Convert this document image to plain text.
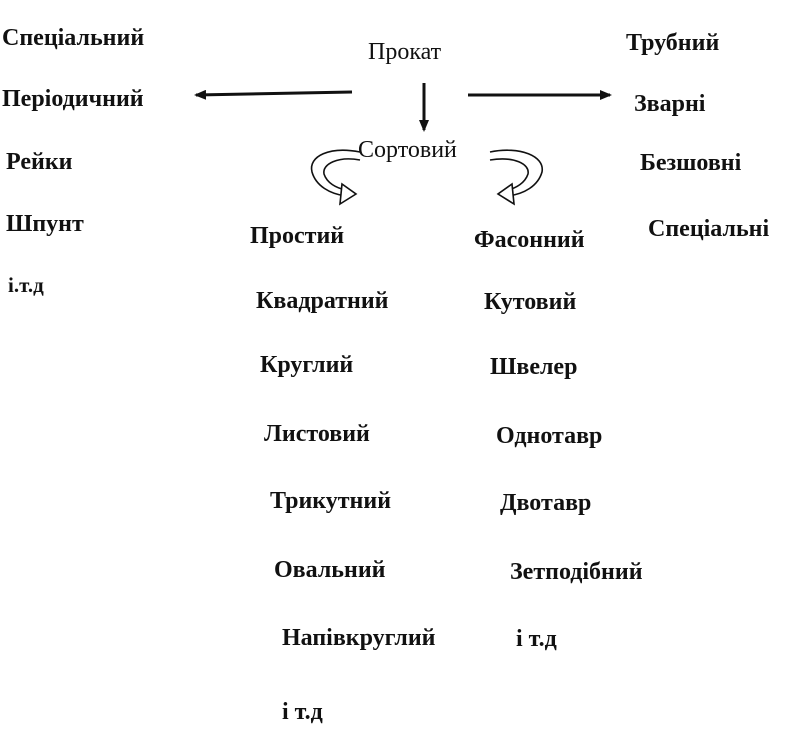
Прокат
Сортовий
Спеціальний
Періодичний
Рейки
Шпунт
і.т.д
Трубний
Зварні
Безшовні
Спеціальні
Простий
Квадратний
Круглий
Листовий
Трикутний
Овальний
Напівкруглий
і т.д
Фасонний
Кутовий
Швелер
Однотавр
Двотавр
Зетподібний
і т.д
